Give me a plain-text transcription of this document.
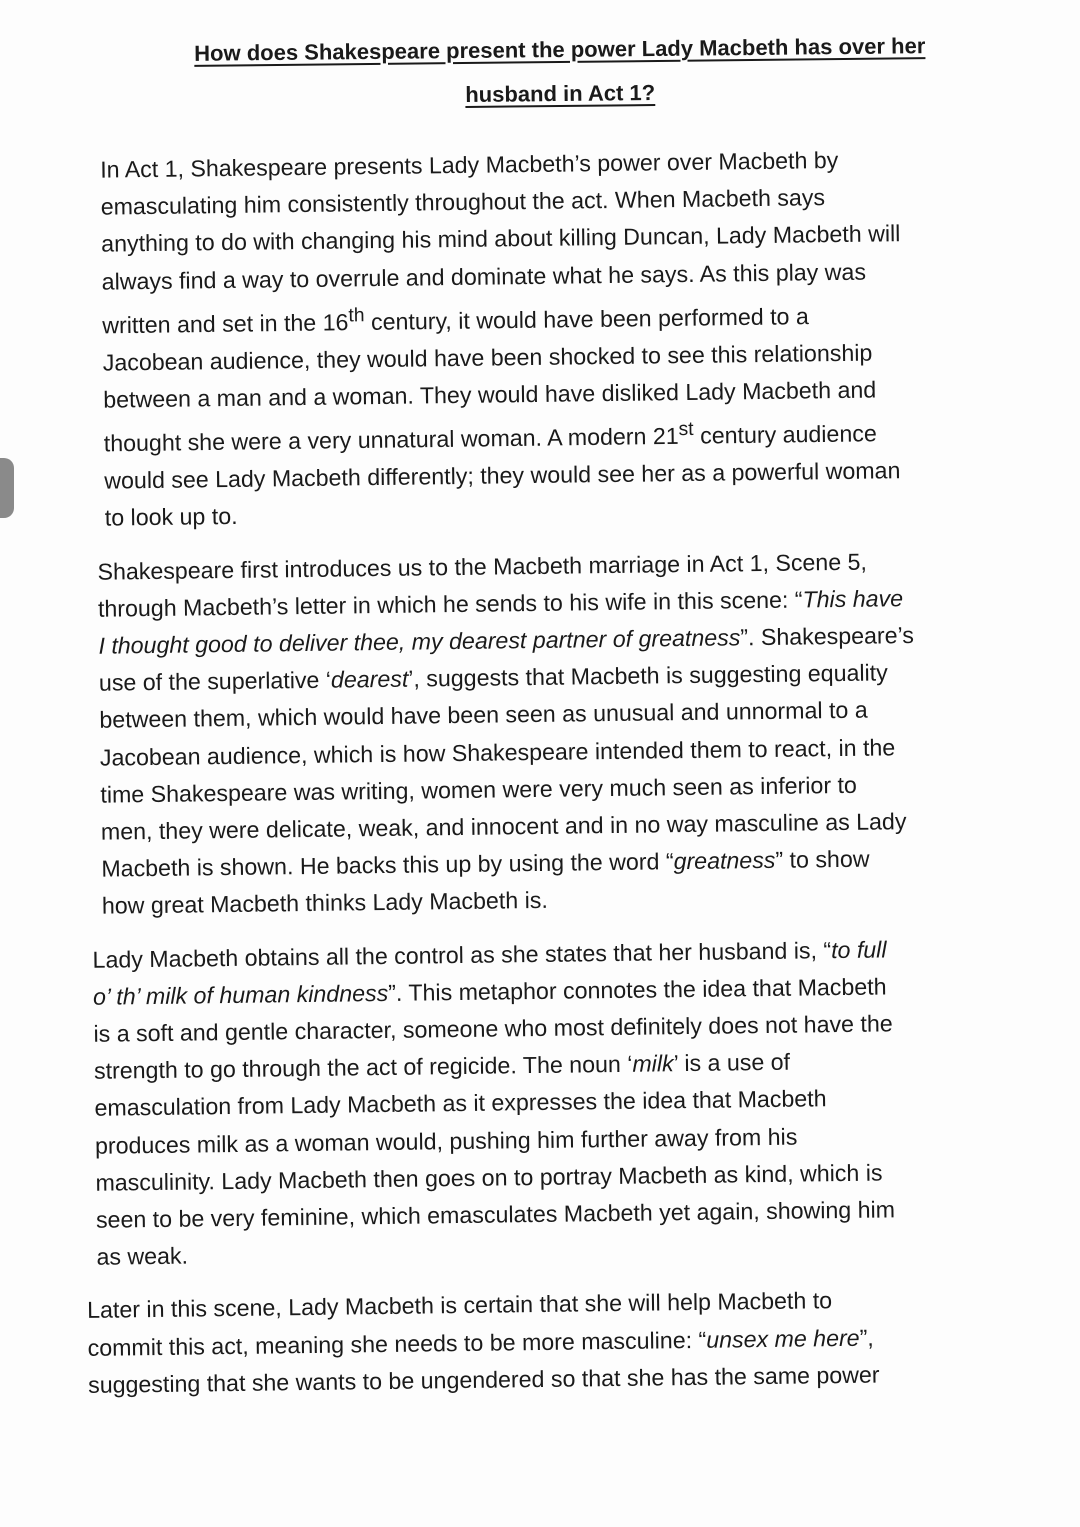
How does Shakespeare present the power Lady Macbeth has over her
husband in Act 1?
In Act 1, Shakespeare presents Lady Macbeth’s power over Macbeth by
emasculating him consistently throughout the act. When Macbeth says
anything to do with changing his mind about killing Duncan, Lady Macbeth will
always find a way to overrule and dominate what he says. As this play was
written and set in the 16th century, it would have been performed to a
Jacobean audience, they would have been shocked to see this relationship
between a man and a woman. They would have disliked Lady Macbeth and
thought she were a very unnatural woman. A modern 21st century audience
would see Lady Macbeth differently; they would see her as a powerful woman
to look up to.
Shakespeare first introduces us to the Macbeth marriage in Act 1, Scene 5,
through Macbeth’s letter in which he sends to his wife in this scene: “This have
I thought good to deliver thee, my dearest partner of greatness”. Shakespeare’s
use of the superlative ‘dearest’, suggests that Macbeth is suggesting equality
between them, which would have been seen as unusual and unnormal to a
Jacobean audience, which is how Shakespeare intended them to react, in the
time Shakespeare was writing, women were very much seen as inferior to
men, they were delicate, weak, and innocent and in no way masculine as Lady
Macbeth is shown. He backs this up by using the word “greatness” to show
how great Macbeth thinks Lady Macbeth is.
Lady Macbeth obtains all the control as she states that her husband is, “to full
o’ th’ milk of human kindness”. This metaphor connotes the idea that Macbeth
is a soft and gentle character, someone who most definitely does not have the
strength to go through the act of regicide. The noun ‘milk’ is a use of
emasculation from Lady Macbeth as it expresses the idea that Macbeth
produces milk as a woman would, pushing him further away from his
masculinity. Lady Macbeth then goes on to portray Macbeth as kind, which is
seen to be very feminine, which emasculates Macbeth yet again, showing him
as weak.
Later in this scene, Lady Macbeth is certain that she will help Macbeth to
commit this act, meaning she needs to be more masculine: “unsex me here”,
suggesting that she wants to be ungendered so that she has the same power
